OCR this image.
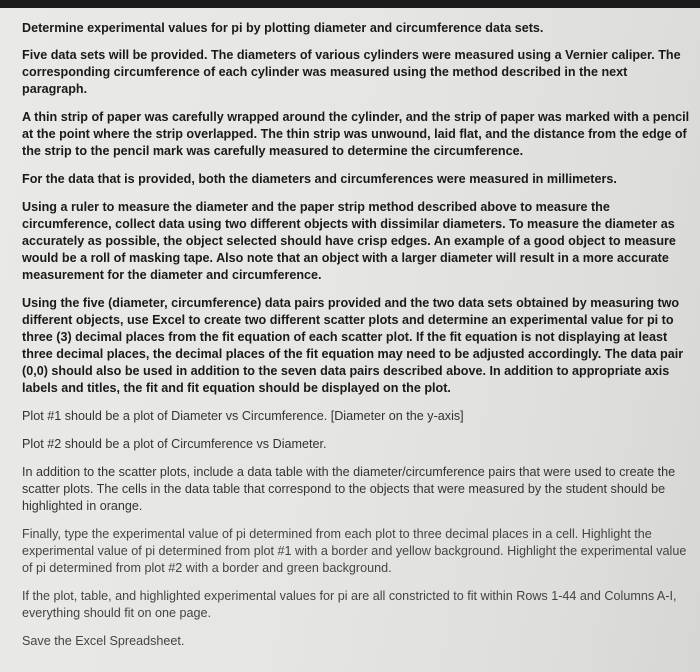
Determine experimental values for pi by plotting diameter and circumference data sets.

Five data sets will be provided. The diameters of various cylinders were measured using a Vernier caliper. The corresponding circumference of each cylinder was measured using the method described in the next paragraph.

A thin strip of paper was carefully wrapped around the cylinder, and the strip of paper was marked with a pencil at the point where the strip overlapped. The thin strip was unwound, laid flat, and the distance from the edge of the strip to the pencil mark was carefully measured to determine the circumference.

For the data that is provided, both the diameters and circumferences were measured in millimeters.

Using a ruler to measure the diameter and the paper strip method described above to measure the circumference, collect data using two different objects with dissimilar diameters. To measure the diameter as accurately as possible, the object selected should have crisp edges. An example of a good object to measure would be a roll of masking tape. Also note that an object with a larger diameter will result in a more accurate measurement for the diameter and circumference.

Using the five (diameter, circumference) data pairs provided and the two data sets obtained by measuring two different objects, use Excel to create two different scatter plots and determine an experimental value for pi to three (3) decimal places from the fit equation of each scatter plot. If the fit equation is not displaying at least three decimal places, the decimal places of the fit equation may need to be adjusted accordingly. The data pair (0,0) should also be used in addition to the seven data pairs described above. In addition to appropriate axis labels and titles, the fit and fit equation should be displayed on the plot.

Plot #1 should be a plot of Diameter vs Circumference. [Diameter on the y-axis]

Plot #2 should be a plot of Circumference vs Diameter.

In addition to the scatter plots, include a data table with the diameter/circumference pairs that were used to create the scatter plots. The cells in the data table that correspond to the objects that were measured by the student should be highlighted in orange.

Finally, type the experimental value of pi determined from each plot to three decimal places in a cell. Highlight the experimental value of pi determined from plot #1 with a border and yellow background. Highlight the experimental value of pi determined from plot #2 with a border and green background.

If the plot, table, and highlighted experimental values for pi are all constricted to fit within Rows 1-44 and Columns A-I, everything should fit on one page.

Save the Excel Spreadsheet.
